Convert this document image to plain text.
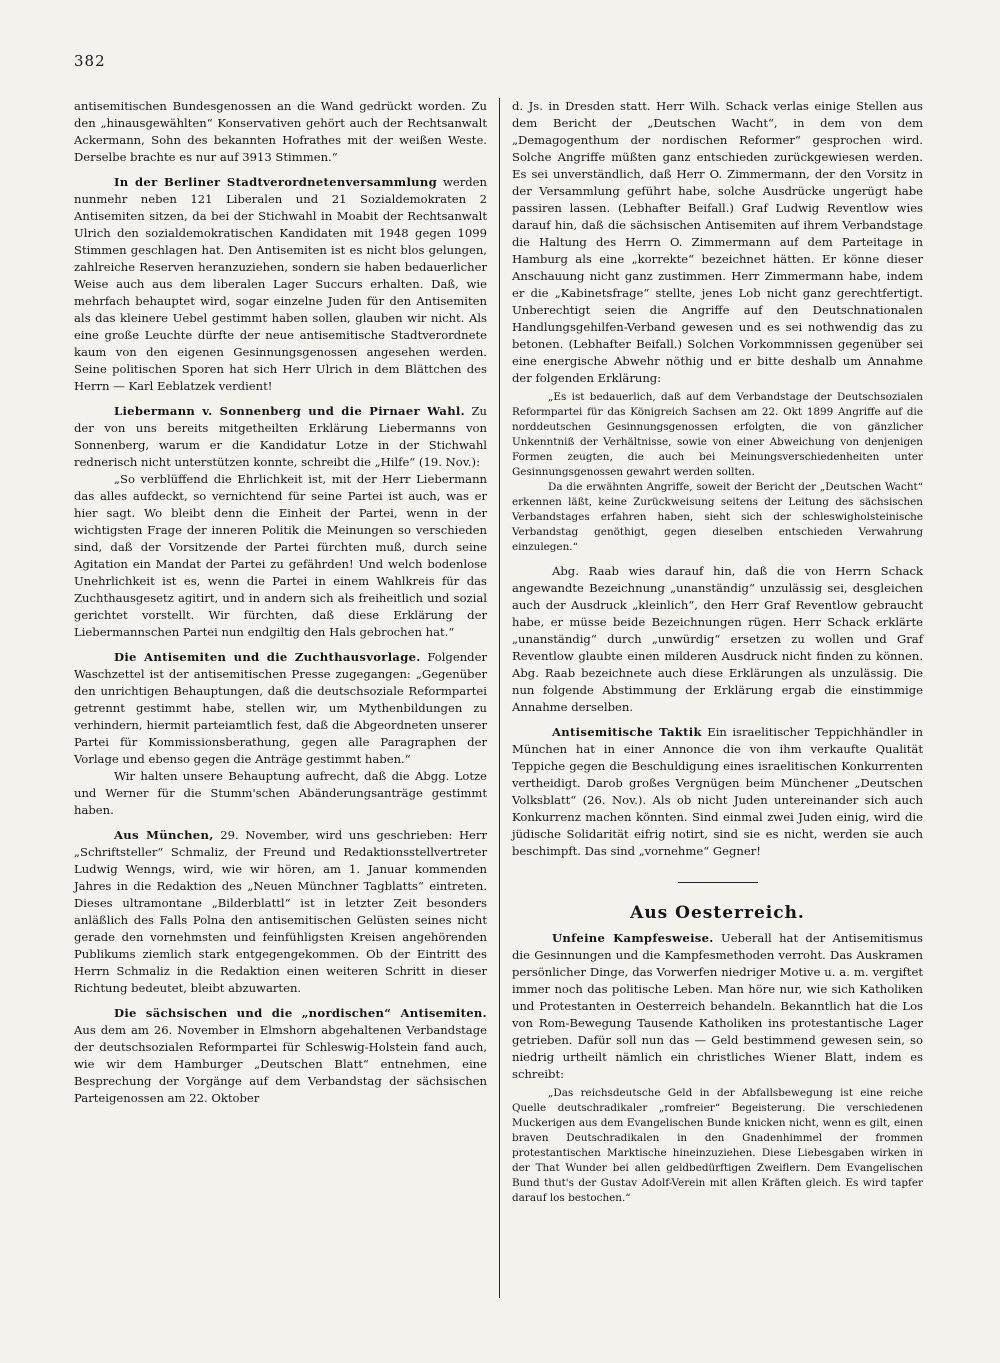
382

antisemitischen Bundesgenossen an die Wand gedrückt worden. Zu den „hinausgewählten“ Konservativen gehört auch der Rechtsanwalt Ackermann, Sohn des bekannten Hofrathes mit der weißen Weste. Derselbe brachte es nur auf 3913 Stimmen.“

In der Berliner Stadtverordnetenversammlung werden nunmehr neben 121 Liberalen und 21 Sozialdemokraten 2 Antisemiten sitzen, da bei der Stichwahl in Moabit der Rechtsanwalt Ulrich den sozialdemokratischen Kandidaten mit 1948 gegen 1099 Stimmen geschlagen hat. Den Antisemiten ist es nicht blos gelungen, zahlreiche Reserven heranzuziehen, sondern sie haben bedauerlicher Weise auch aus dem liberalen Lager Succurs erhalten. Daß, wie mehrfach behauptet wird, sogar einzelne Juden für den Antisemiten als das kleinere Uebel gestimmt haben sollen, glauben wir nicht. Als eine große Leuchte dürfte der neue antisemitische Stadtverordnete kaum von den eigenen Gesinnungsgenossen angesehen werden. Seine politischen Sporen hat sich Herr Ulrich in dem Blättchen des Herrn — Karl Eeblatzek verdient!

Liebermann v. Sonnenberg und die Pirnaer Wahl. Zu der von uns bereits mitgetheilten Erklärung Liebermanns von Sonnenberg, warum er die Kandidatur Lotze in der Stichwahl rednerisch nicht unterstützen konnte, schreibt die „Hilfe“ (19. Nov.):

„So verblüffend die Ehrlichkeit ist, mit der Herr Liebermann das alles aufdeckt, so vernichtend für seine Partei ist auch, was er hier sagt. Wo bleibt denn die Einheit der Partei, wenn in der wichtigsten Frage der inneren Politik die Meinungen so verschieden sind, daß der Vorsitzende der Partei fürchten muß, durch seine Agitation ein Mandat der Partei zu gefährden! Und welch bodenlose Unehrlichkeit ist es, wenn die Partei in einem Wahlkreis für das Zuchthausgesetz agitirt, und in andern sich als freiheitlich und sozial gerichtet vorstellt. Wir fürchten, daß diese Erklärung der Liebermannschen Partei nun endgiltig den Hals gebrochen hat.“

Die Antisemiten und die Zuchthausvorlage. Folgender Waschzettel ist der antisemitischen Presse zugegangen: „Gegenüber den unrichtigen Behauptungen, daß die deutschsoziale Reformpartei getrennt gestimmt habe, stellen wir, um Mythenbildungen zu verhindern, hiermit parteiamtlich fest, daß die Abgeordneten unserer Partei für Kommissionsberathung, gegen alle Paragraphen der Vorlage und ebenso gegen die Anträge gestimmt haben.“

Wir halten unsere Behauptung aufrecht, daß die Abgg. Lotze und Werner für die Stumm'schen Abänderungsanträge gestimmt haben.

Aus München, 29. November, wird uns geschrieben: Herr „Schriftsteller“ Schmaliz, der Freund und Redaktionsstellvertreter Ludwig Wenngs, wird, wie wir hören, am 1. Januar kommenden Jahres in die Redaktion des „Neuen Münchner Tagblatts“ eintreten. Dieses ultramontane „Bilderblattl“ ist in letzter Zeit besonders anläßlich des Falls Polna den antisemitischen Gelüsten seines nicht gerade den vornehmsten und feinfühligsten Kreisen angehörenden Publikums ziemlich stark entgegengekommen. Ob der Eintritt des Herrn Schmaliz in die Redaktion einen weiteren Schritt in dieser Richtung bedeutet, bleibt abzuwarten.

Die sächsischen und die „nordischen“ Antisemiten. Aus dem am 26. November in Elmshorn abgehaltenen Verbandstage der deutschsozialen Reformpartei für Schleswig-Holstein fand auch, wie wir dem Hamburger „Deutschen Blatt“ entnehmen, eine Besprechung der Vorgänge auf dem Verbandstag der sächsischen Parteigenossen am 22. Oktober

d. Js. in Dresden statt. Herr Wilh. Schack verlas einige Stellen aus dem Bericht der „Deutschen Wacht“, in dem von dem „Demagogenthum der nordischen Reformer“ gesprochen wird. Solche Angriffe müßten ganz entschieden zurückgewiesen werden. Es sei unverständlich, daß Herr O. Zimmermann, der den Vorsitz in der Versammlung geführt habe, solche Ausdrücke ungerügt habe passiren lassen. (Lebhafter Beifall.) Graf Ludwig Reventlow wies darauf hin, daß die sächsischen Antisemiten auf ihrem Verbandstage die Haltung des Herrn O. Zimmermann auf dem Parteitage in Hamburg als eine „korrekte“ bezeichnet hätten. Er könne dieser Anschauung nicht ganz zustimmen. Herr Zimmermann habe, indem er die „Kabinetsfrage“ stellte, jenes Lob nicht ganz gerechtfertigt. Unberechtigt seien die Angriffe auf den Deutschnationalen Handlungsgehilfen-Verband gewesen und es sei nothwendig das zu betonen. (Lebhafter Beifall.) Solchen Vorkommnissen gegenüber sei eine energische Abwehr nöthig und er bitte deshalb um Annahme der folgenden Erklärung:

„Es ist bedauerlich, daß auf dem Verbandstage der Deutschsozialen Reformpartei für das Königreich Sachsen am 22. Okt 1899 Angriffe auf die norddeutschen Gesinnungsgenossen erfolgten, die von gänzlicher Unkenntniß der Verhältnisse, sowie von einer Abweichung von denjenigen Formen zeugten, die auch bei Meinungsverschiedenheiten unter Gesinnungsgenossen gewahrt werden sollten.

Da die erwähnten Angriffe, soweit der Bericht der „Deutschen Wacht“ erkennen läßt, keine Zurückweisung seitens der Leitung des sächsischen Verbandstages erfahren haben, sieht sich der schleswigholsteinische Verbandstag genöthigt, gegen dieselben entschieden Verwahrung einzulegen.“

Abg. Raab wies darauf hin, daß die von Herrn Schack angewandte Bezeichnung „unanständig“ unzulässig sei, desgleichen auch der Ausdruck „kleinlich“, den Herr Graf Reventlow gebraucht habe, er müsse beide Bezeichnungen rügen. Herr Schack erklärte „unanständig“ durch „unwürdig“ ersetzen zu wollen und Graf Reventlow glaubte einen milderen Ausdruck nicht finden zu können. Abg. Raab bezeichnete auch diese Erklärungen als unzulässig. Die nun folgende Abstimmung der Erklärung ergab die einstimmige Annahme derselben.

Antisemitische Taktik Ein israelitischer Teppichhändler in München hat in einer Annonce die von ihm verkaufte Qualität Teppiche gegen die Beschuldigung eines israelitischen Konkurrenten vertheidigt. Darob großes Vergnügen beim Münchener „Deutschen Volksblatt“ (26. Nov.). Als ob nicht Juden untereinander sich auch Konkurrenz machen könnten. Sind einmal zwei Juden einig, wird die jüdische Solidarität eifrig notirt, sind sie es nicht, werden sie auch beschimpft. Das sind „vornehme“ Gegner!

Aus Oesterreich.

Unfeine Kampfesweise. Ueberall hat der Antisemitismus die Gesinnungen und die Kampfesmethoden verroht. Das Auskramen persönlicher Dinge, das Vorwerfen niedriger Motive u. a. m. vergiftet immer noch das politische Leben. Man höre nur, wie sich Katholiken und Protestanten in Oesterreich behandeln. Bekanntlich hat die Los von Rom-Bewegung Tausende Katholiken ins protestantische Lager getrieben. Dafür soll nun das — Geld bestimmend gewesen sein, so niedrig urtheilt nämlich ein christliches Wiener Blatt, indem es schreibt:

„Das reichsdeutsche Geld in der Abfallsbewegung ist eine reiche Quelle deutschradikaler „romfreier“ Begeisterung. Die verschiedenen Muckerigen aus dem Evangelischen Bunde knicken nicht, wenn es gilt, einen braven Deutschradikalen in den Gnadenhimmel der frommen protestantischen Marktische hineinzuziehen. Diese Liebesgaben wirken in der That Wunder bei allen geldbedürftigen Zweiflern. Dem Evangelischen Bund thut's der Gustav Adolf-Verein mit allen Kräften gleich. Es wird tapfer darauf los bestochen.“
